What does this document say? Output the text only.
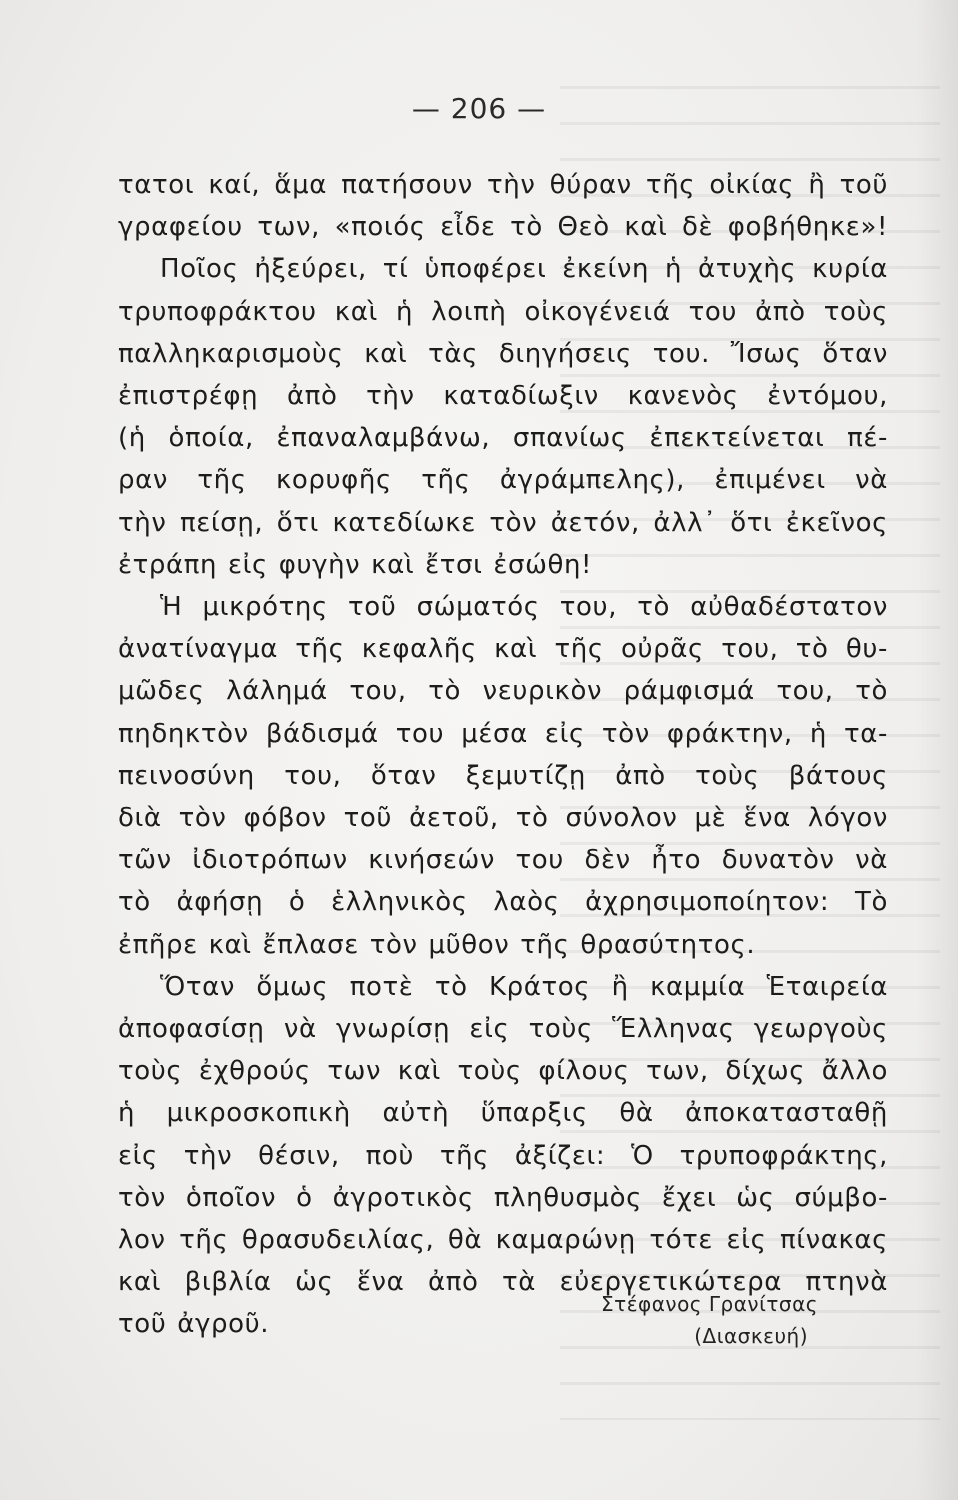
— 206 —
τατοι καί, ἅμα πατήσουν τὴν θύραν τῆς οἰκίας ἢ τοῦ
γραφείου των, «ποιός εἶδε τὸ Θεὸ καὶ δὲ φοβήθηκε»!
Ποῖος ἠξεύρει, τί ὑποφέρει ἐκείνη ἡ ἀτυχὴς κυρία
τρυποφράκτου καὶ ἡ λοιπὴ οἰκογένειά του ἀπὸ τοὺς
παλληκαρισμοὺς καὶ τὰς διηγήσεις του. Ἴσως ὅταν
ἐπιστρέφῃ ἀπὸ τὴν καταδίωξιν κανενὸς ἐντόμου,
(ἡ ὁποία, ἐπαναλαμβάνω, σπανίως ἐπεκτείνεται πέ-
ραν τῆς κορυφῆς τῆς ἀγράμπελης), ἐπιμένει νὰ
τὴν πείσῃ, ὅτι κατεδίωκε τὸν ἀετόν, ἀλλ᾿ ὅτι ἐκεῖνος
ἐτράπη εἰς φυγὴν καὶ ἔτσι ἐσώθη!
Ἡ μικρότης τοῦ σώματός του, τὸ αὐθαδέστατον
ἀνατίναγμα τῆς κεφαλῆς καὶ τῆς οὐρᾶς του, τὸ θυ-
μῶδες λάλημά του, τὸ νευρικὸν ράμφισμά του, τὸ
πηδηκτὸν βάδισμά του μέσα εἰς τὸν φράκτην, ἡ τα-
πεινοσύνη του, ὅταν ξεμυτίζῃ ἀπὸ τοὺς βάτους
διὰ τὸν φόβον τοῦ ἀετοῦ, τὸ σύνολον μὲ ἕνα λόγον
τῶν ἰδιοτρόπων κινήσεών του δὲν ἦτο δυνατὸν νὰ
τὸ ἀφήσῃ ὁ ἑλληνικὸς λαὸς ἀχρησιμοποίητον: Τὸ
ἐπῆρε καὶ ἔπλασε τὸν μῦθον τῆς θρασύτητος.
Ὅταν ὅμως ποτὲ τὸ Κράτος ἢ καμμία Ἑταιρεία
ἀποφασίσῃ νὰ γνωρίσῃ εἰς τοὺς Ἕλληνας γεωργοὺς
τοὺς ἐχθρούς των καὶ τοὺς φίλους των, δίχως ἄλλο
ἡ μικροσκοπικὴ αὐτὴ ὕπαρξις θὰ ἀποκατασταθῇ
εἰς τὴν θέσιν, ποὺ τῆς ἀξίζει: Ὁ τρυποφράκτης,
τὸν ὁποῖον ὁ ἀγροτικὸς πληθυσμὸς ἔχει ὡς σύμβο-
λον τῆς θρασυδειλίας, θὰ καμαρώνῃ τότε εἰς πίνακας
καὶ βιβλία ὡς ἕνα ἀπὸ τὰ εὐεργετικώτερα πτηνὰ
τοῦ ἀγροῦ.
Στέφανος Γρανίτσας
(Διασκευή)
